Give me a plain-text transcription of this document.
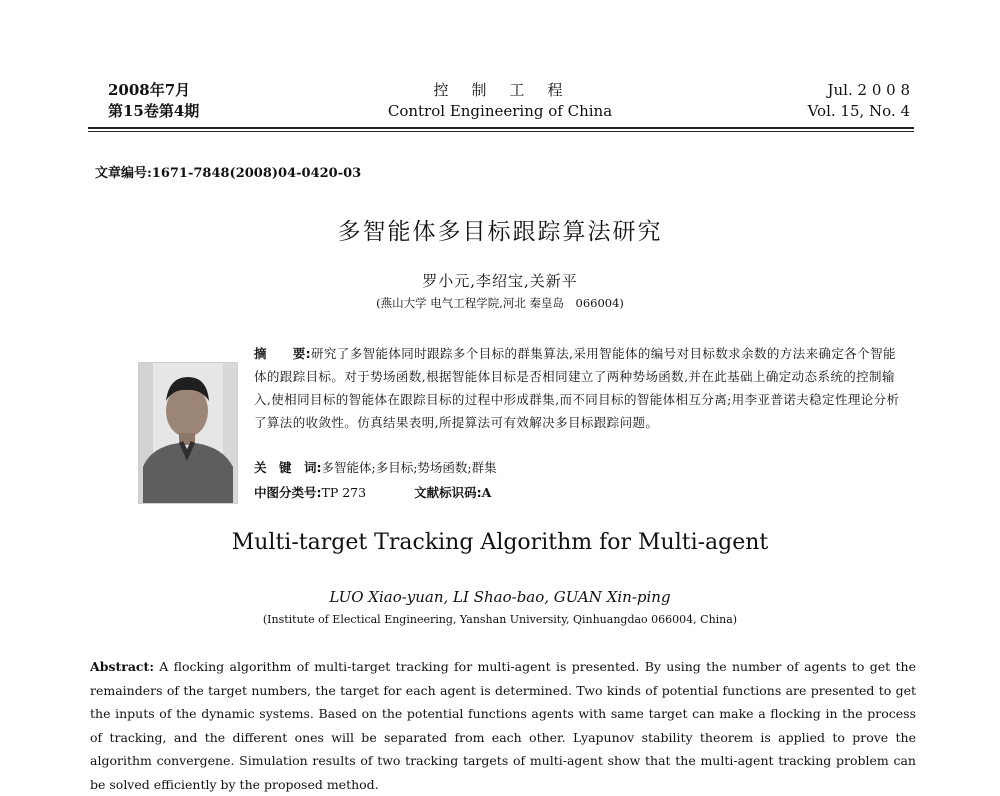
2008年7月
第15卷第4期
控　制　工　程
Control Engineering of China
Jul. 2 0 0 8
Vol. 15, No. 4
文章编号:1671-7848(2008)04-0420-03
多智能体多目标跟踪算法研究
罗小元,李绍宝,关新平
(燕山大学 电气工程学院,河北 秦皇岛　066004)
摘　　要:研究了多智能体同时跟踪多个目标的群集算法,采用智能体的编号对目标数求余数的方法来确定各个智能体的跟踪目标。对于势场函数,根据智能体目标是否相同建立了两种势场函数,并在此基础上确定动态系统的控制输入,使相同目标的智能体在跟踪目标的过程中形成群集,而不同目标的智能体相互分离;用李亚普诺夫稳定性理论分析了算法的收敛性。仿真结果表明,所提算法可有效解决多目标跟踪问题。
关　键　词:多智能体;多目标;势场函数;群集
中图分类号:TP 273	文献标识码:A
Multi-target Tracking Algorithm for Multi-agent
LUO Xiao-yuan, LI Shao-bao, GUAN Xin-ping
(Institute of Electical Engineering, Yanshan University, Qinhuangdao 066004, China)
Abstract: A flocking algorithm of multi-target tracking for multi-agent is presented. By using the number of agents to get the remainders of the target numbers, the target for each agent is determined. Two kinds of potential functions are presented to get the inputs of the dynamic systems. Based on the potential functions agents with same target can make a flocking in the process of tracking, and the different ones will be separated from each other. Lyapunov stability theorem is applied to prove the algorithm convergene. Simulation results of two tracking targets of multi-agent show that the multi-agent tracking problem can be solved efficiently by the proposed method.
